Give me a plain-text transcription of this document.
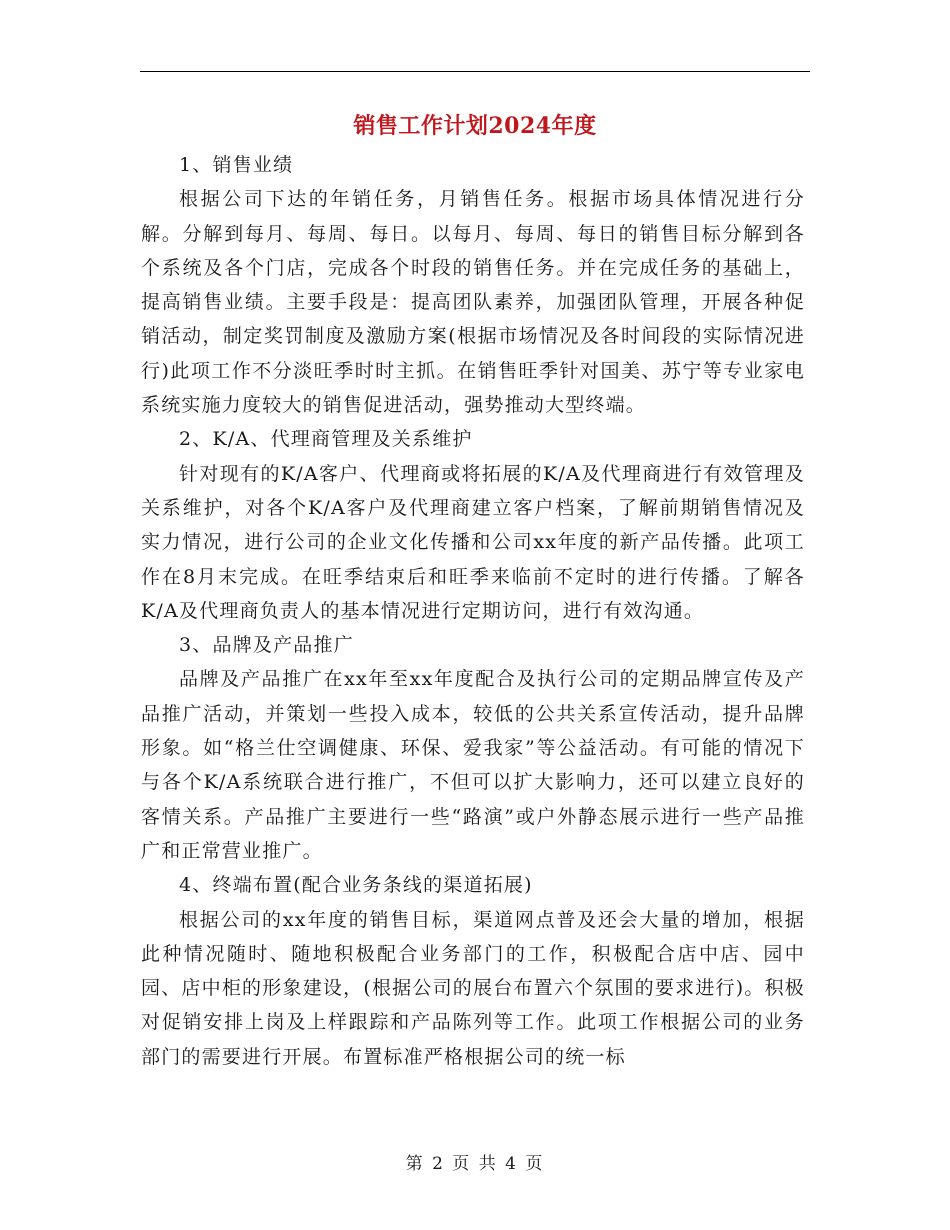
销售工作计划2024年度

1、销售业绩

根据公司下达的年销任务，月销售任务。根据市场具体情况进行分解。分解到每月、每周、每日。以每月、每周、每日的销售目标分解到各个系统及各个门店，完成各个时段的销售任务。并在完成任务的基础上，提高销售业绩。主要手段是：提高团队素养，加强团队管理，开展各种促销活动，制定奖罚制度及激励方案(根据市场情况及各时间段的实际情况进行)此项工作不分淡旺季时时主抓。在销售旺季针对国美、苏宁等专业家电系统实施力度较大的销售促进活动，强势推动大型终端。

2、K/A、代理商管理及关系维护

针对现有的K/A客户、代理商或将拓展的K/A及代理商进行有效管理及关系维护，对各个K/A客户及代理商建立客户档案，了解前期销售情况及实力情况，进行公司的企业文化传播和公司xx年度的新产品传播。此项工作在8月末完成。在旺季结束后和旺季来临前不定时的进行传播。了解各K/A及代理商负责人的基本情况进行定期访问，进行有效沟通。

3、品牌及产品推广

品牌及产品推广在xx年至xx年度配合及执行公司的定期品牌宣传及产品推广活动，并策划一些投入成本，较低的公共关系宣传活动，提升品牌形象。如“格兰仕空调健康、环保、爱我家”等公益活动。有可能的情况下与各个K/A系统联合进行推广，不但可以扩大影响力，还可以建立良好的客情关系。产品推广主要进行一些“路演”或户外静态展示进行一些产品推广和正常营业推广。

4、终端布置(配合业务条线的渠道拓展)

根据公司的xx年度的销售目标，渠道网点普及还会大量的增加，根据此种情况随时、随地积极配合业务部门的工作，积极配合店中店、园中园、店中柜的形象建设，(根据公司的展台布置六个氛围的要求进行)。积极对促销安排上岗及上样跟踪和产品陈列等工作。此项工作根据公司的业务部门的需要进行开展。布置标准严格根据公司的统一标

第 2 页 共 4 页
